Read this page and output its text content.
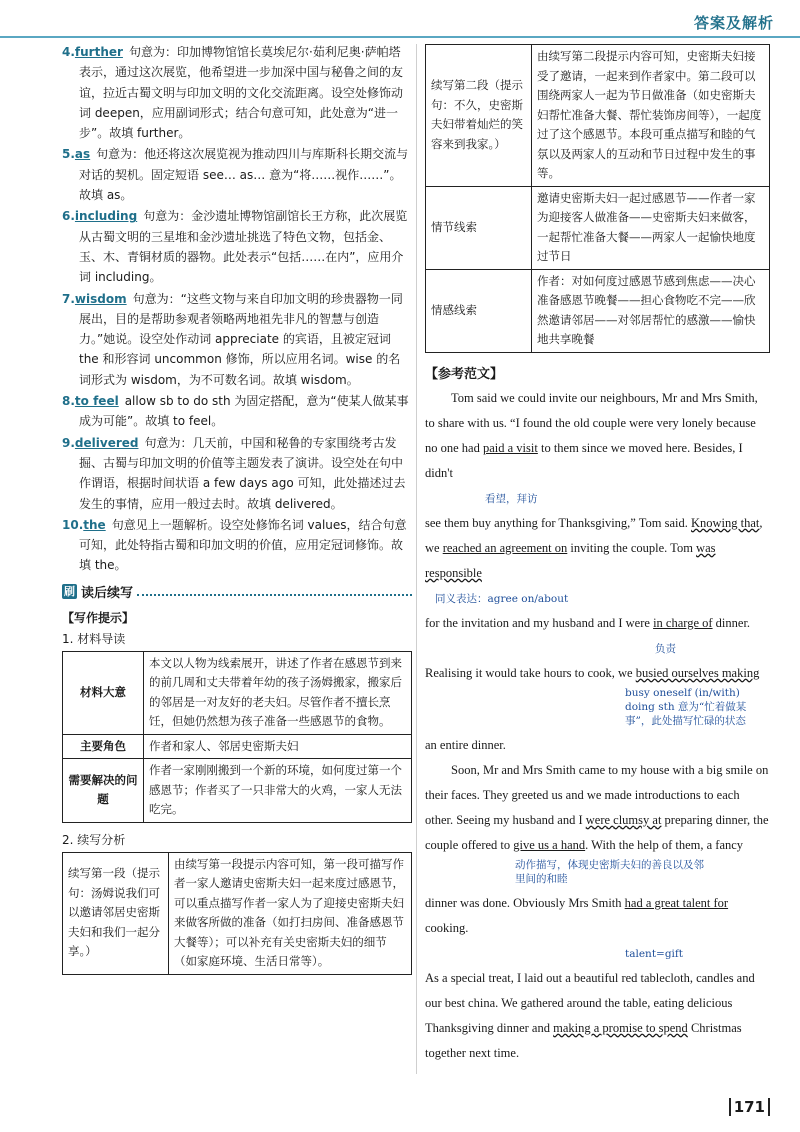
答案及解析
4.further 句意为：印加博物馆馆长莫埃尼尔·茹利尼奥·萨帕塔表示，通过这次展览，他希望进一步加深中国与秘鲁之间的友谊，拉近古蜀文明与印加文明的文化交流距离。设空处修饰动词 deepen，应用副词形式；结合句意可知，此处意为“进一步”。故填 further。
5.as 句意为：他还将这次展览视为推动四川与库斯科长期交流与对话的契机。固定短语 see… as… 意为“将……视作……”。故填 as。
6.including 句意为：金沙遗址博物馆副馆长王方称，此次展览从古蜀文明的三星堆和金沙遗址挑选了特色文物，包括金、玉、木、青铜材质的器物。此处表示“包括……在内”，应用介词 including。
7.wisdom 句意为：“这些文物与来自印加文明的珍贵器物一同展出，目的是帮助参观者领略两地祖先非凡的智慧与创造力。”她说。设空处作动词 appreciate 的宾语，且被定冠词 the 和形容词 uncommon 修饰，所以应用名词。wise 的名词形式为 wisdom，为不可数名词。故填 wisdom。
8.to feel allow sb to do sth 为固定搭配，意为“使某人做某事成为可能”。故填 to feel。
9.delivered 句意为：几天前，中国和秘鲁的专家围绕考古发掘、古蜀与印加文明的价值等主题发表了演讲。设空处在句中作谓语，根据时间状语 a few days ago 可知，此处描述过去发生的事情，应用一般过去时。故填 delivered。
10.the 句意见上一题解析。设空处修饰名词 values，结合句意可知，此处特指古蜀和印加文明的价值，应用定冠词修饰。故填 the。
刷 读后续写
【写作提示】
1. 材料导读
材料大意	本文以人物为线索展开，讲述了作者在感恩节到来的前几周和丈夫带着年幼的孩子汤姆搬家，搬家后的邻居是一对友好的老夫妇。尽管作者不擅长烹饪，但她仍然想为孩子准备一些感恩节的食物。
主要角色	作者和家人、邻居史密斯夫妇
需要解决的问题	作者一家刚刚搬到一个新的环境，如何度过第一个感恩节；作者买了一只非常大的火鸡，一家人无法吃完。
2. 续写分析
续写第一段（提示句：汤姆说我们可以邀请邻居史密斯夫妇和我们一起分享。）	由续写第一段提示内容可知，第一段可描写作者一家人邀请史密斯夫妇一起来度过感恩节，可以重点描写作者一家人为了迎接史密斯夫妇来做客所做的准备（如打扫房间、准备感恩节大餐等）；可以补充有关史密斯夫妇的细节（如家庭环境、生活日常等）。
续写第二段（提示句：不久，史密斯夫妇带着灿烂的笑容来到我家。）	由续写第二段提示内容可知，史密斯夫妇接受了邀请，一起来到作者家中。第二段可以围绕两家人一起为节日做准备（如史密斯夫妇帮忙准备大餐、帮忙装饰房间等），一起度过了这个感恩节。本段可重点描写和睦的气氛以及两家人的互动和节日过程中发生的事等。
情节线索	邀请史密斯夫妇一起过感恩节——作者一家为迎接客人做准备——史密斯夫妇来做客，一起帮忙准备大餐——两家人一起愉快地度过节日
情感线索	作者：对如何度过感恩节感到焦虑——决心准备感恩节晚餐——担心食物吃不完——欣然邀请邻居——对邻居帮忙的感激——愉快地共享晚餐
【参考范文】

Tom said we could invite our neighbours, Mr and Mrs Smith, to share with us. “I found the old couple were very lonely because no one had paid a visit to them since we moved here. Besides, I didn't
看望，拜访
see them buy anything for Thanksgiving,” Tom said. Knowing that, we reached an agreement on inviting the couple. Tom was responsible
同义表达：agree on/about
for the invitation and my husband and I were in charge of dinner.
负责
Realising it would take hours to cook, we busied ourselves making
busy oneself (in/with) doing sth 意为“忙着做某事”，此处描写忙碌的状态
an entire dinner.

Soon, Mr and Mrs Smith came to my house with a big smile on their faces. They greeted us and we made introductions to each other. Seeing my husband and I were clumsy at preparing dinner, the couple offered to give us a hand. With the help of them, a fancy
动作描写，体现史密斯夫妇的善良以及邻里间的和睦
dinner was done. Obviously Mrs Smith had a great talent for cooking.
talent=gift
As a special treat, I laid out a beautiful red tablecloth, candles and our best china. We gathered around the table, eating delicious Thanksgiving dinner and making a promise to spend Christmas together next time.

171
